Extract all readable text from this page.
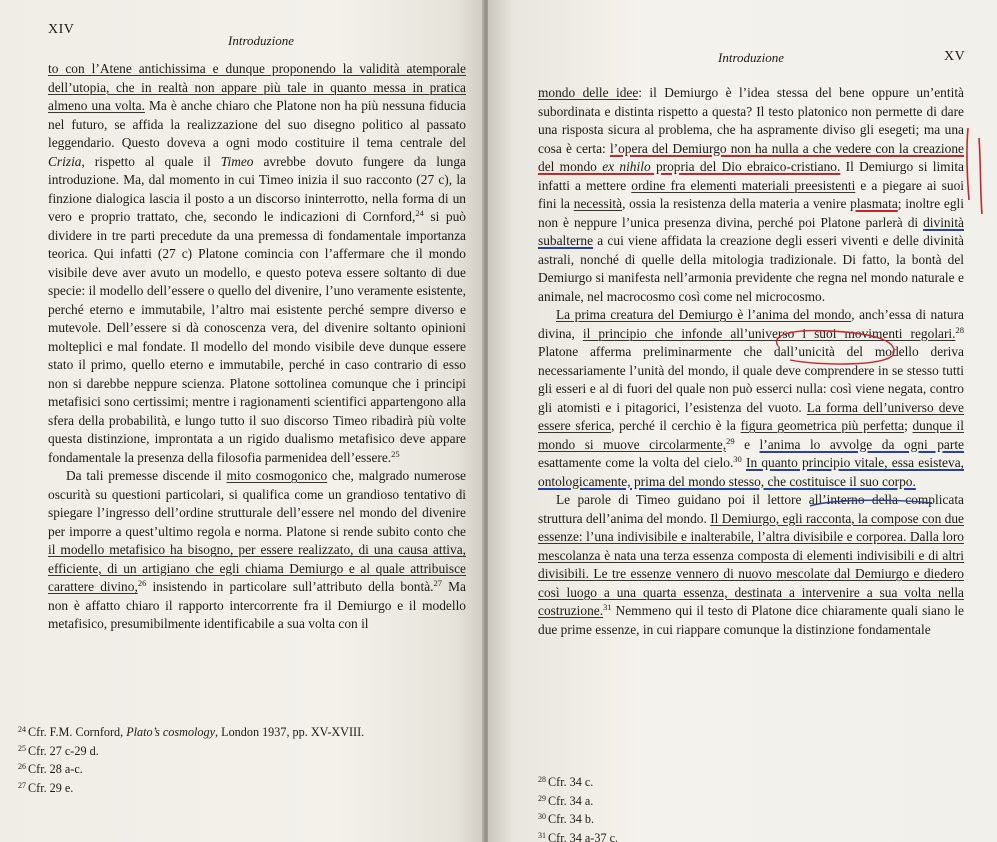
XIV
Introduzione

to con l’Atene antichissima e dunque proponendo la validità atemporale dell’utopia, che in realtà non appare più tale in quanto messa in pratica almeno una volta. Ma è anche chiaro che Platone non ha più nessuna fiducia nel futuro, se affida la realizzazione del suo disegno politico al passato leggendario. Questo doveva a ogni modo costituire il tema centrale del Crizia, rispetto al quale il Timeo avrebbe dovuto fungere da lunga introduzione. Ma, dal momento in cui Timeo inizia il suo racconto (27 c), la finzione dialogica lascia il posto a un discorso ininterrotto, nella forma di un vero e proprio trattato, che, secondo le indicazioni di Cornford,$^{24}$ si può dividere in tre parti precedute da una premessa di fondamentale importanza teorica. Qui infatti (27 c) Platone comincia con l’affermare che il mondo visibile deve aver avuto un modello, e questo poteva essere soltanto di due specie: il modello dell’essere o quello del divenire, l’uno veramente esistente, perché eterno e immutabile, l’altro mai esistente perché sempre diverso e mutevole. Dell’essere si dà conoscenza vera, del divenire soltanto opinioni molteplici e mal fondate. Il modello del mondo visibile deve dunque essere stato il primo, quello eterno e immutabile, perché in caso contrario di esso non si darebbe neppure scienza. Platone sottolinea comunque che i principi metafisici sono certissimi; mentre i ragionamenti scientifici appartengono alla sfera della probabilità, e lungo tutto il suo discorso Timeo ribadirà più volte questa distinzione, improntata a un rigido dualismo metafisico deve appare fondamentale la presenza della filosofia parmenidea dell’essere.$^{25}$

Da tali premesse discende il mito cosmogonico che, malgrado numerose oscurità su questioni particolari, si qualifica come un grandioso tentativo di spiegare l’ingresso dell’ordine strutturale dell’essere nel mondo del divenire per imporre a quest’ultimo regola e norma. Platone si rende subito conto che il modello metafisico ha bisogno, per essere realizzato, di una causa attiva, efficiente, di un artigiano che egli chiama Demiurgo e al quale attribuisce carattere divino,$^{26}$ insistendo in particolare sull’attributo della bontà.$^{27}$ Ma non è affatto chiaro il rapporto intercorrente fra il Demiurgo e il modello metafisico, presumibilmente identificabile a sua volta con il

$^{24}$ Cfr. F.M. Cornford, Plato’s cosmology, London 1937, pp. XV-XVIII.
$^{25}$ Cfr. 27 c-29 d.
$^{26}$ Cfr. 28 a-c.
$^{27}$ Cfr. 29 e.
Introduzione	XV

mondo delle idee: il Demiurgo è l’idea stessa del bene oppure un’entità subordinata e distinta rispetto a questa? Il testo platonico non permette di dare una risposta sicura al problema, che ha aspramente diviso gli esegeti; ma una cosa è certa: l’opera del Demiurgo non ha nulla a che vedere con la creazione del mondo ex nihilo propria del Dio ebraico-cristiano. Il Demiurgo si limita infatti a mettere ordine fra elementi materiali preesistenti e a piegare ai suoi fini la necessità, ossia la resistenza della materia a venire plasmata; inoltre egli non è neppure l’unica presenza divina, perché poi Platone parlerà di divinità subalterne a cui viene affidata la creazione degli esseri viventi e delle divinità astrali, nonché di quelle della mitologia tradizionale. Di fatto, la bontà del Demiurgo si manifesta nell’armonia previdente che regna nel mondo naturale e animale, nel macrocosmo così come nel microcosmo.

La prima creatura del Demiurgo è l’anima del mondo, anch’essa di natura divina, il principio che infonde all’universo i suoi movimenti regolari.$^{28}$ Platone afferma preliminarmente che dall’unicità del modello deriva necessariamente l’unità del mondo, il quale deve comprendere in se stesso tutti gli esseri e al di fuori del quale non può esserci nulla: così viene negata, contro gli atomisti e i pitagorici, l’esistenza del vuoto. La forma dell’universo deve essere sferica, perché il cerchio è la figura geometrica più perfetta; dunque il mondo si muove circolarmente,$^{29}$ e l’anima lo avvolge da ogni parte esattamente come la volta del cielo.$^{30}$ In quanto principio vitale, essa esisteva, ontologicamente, prima del mondo stesso, che costituisce il suo corpo.

Le parole di Timeo guidano poi il lettore all’interno della complicata struttura dell’anima del mondo. Il Demiurgo, egli racconta, la compose con due essenze: l’una indivisibile e inalterabile, l’altra divisibile e corporea. Dalla loro mescolanza è nata una terza essenza composta di elementi indivisibili e di altri divisibili. Le tre essenze vennero di nuovo mescolate dal Demiurgo e diedero così luogo a una quarta essenza, destinata a intervenire a sua volta nella costruzione.$^{31}$ Nemmeno qui il testo di Platone dice chiaramente quali siano le due prime essenze, in cui riappare comunque la distinzione fondamentale

$^{28}$ Cfr. 34 c.
$^{29}$ Cfr. 34 a.
$^{30}$ Cfr. 34 b.
$^{31}$ Cfr. 34 a-37 c.
